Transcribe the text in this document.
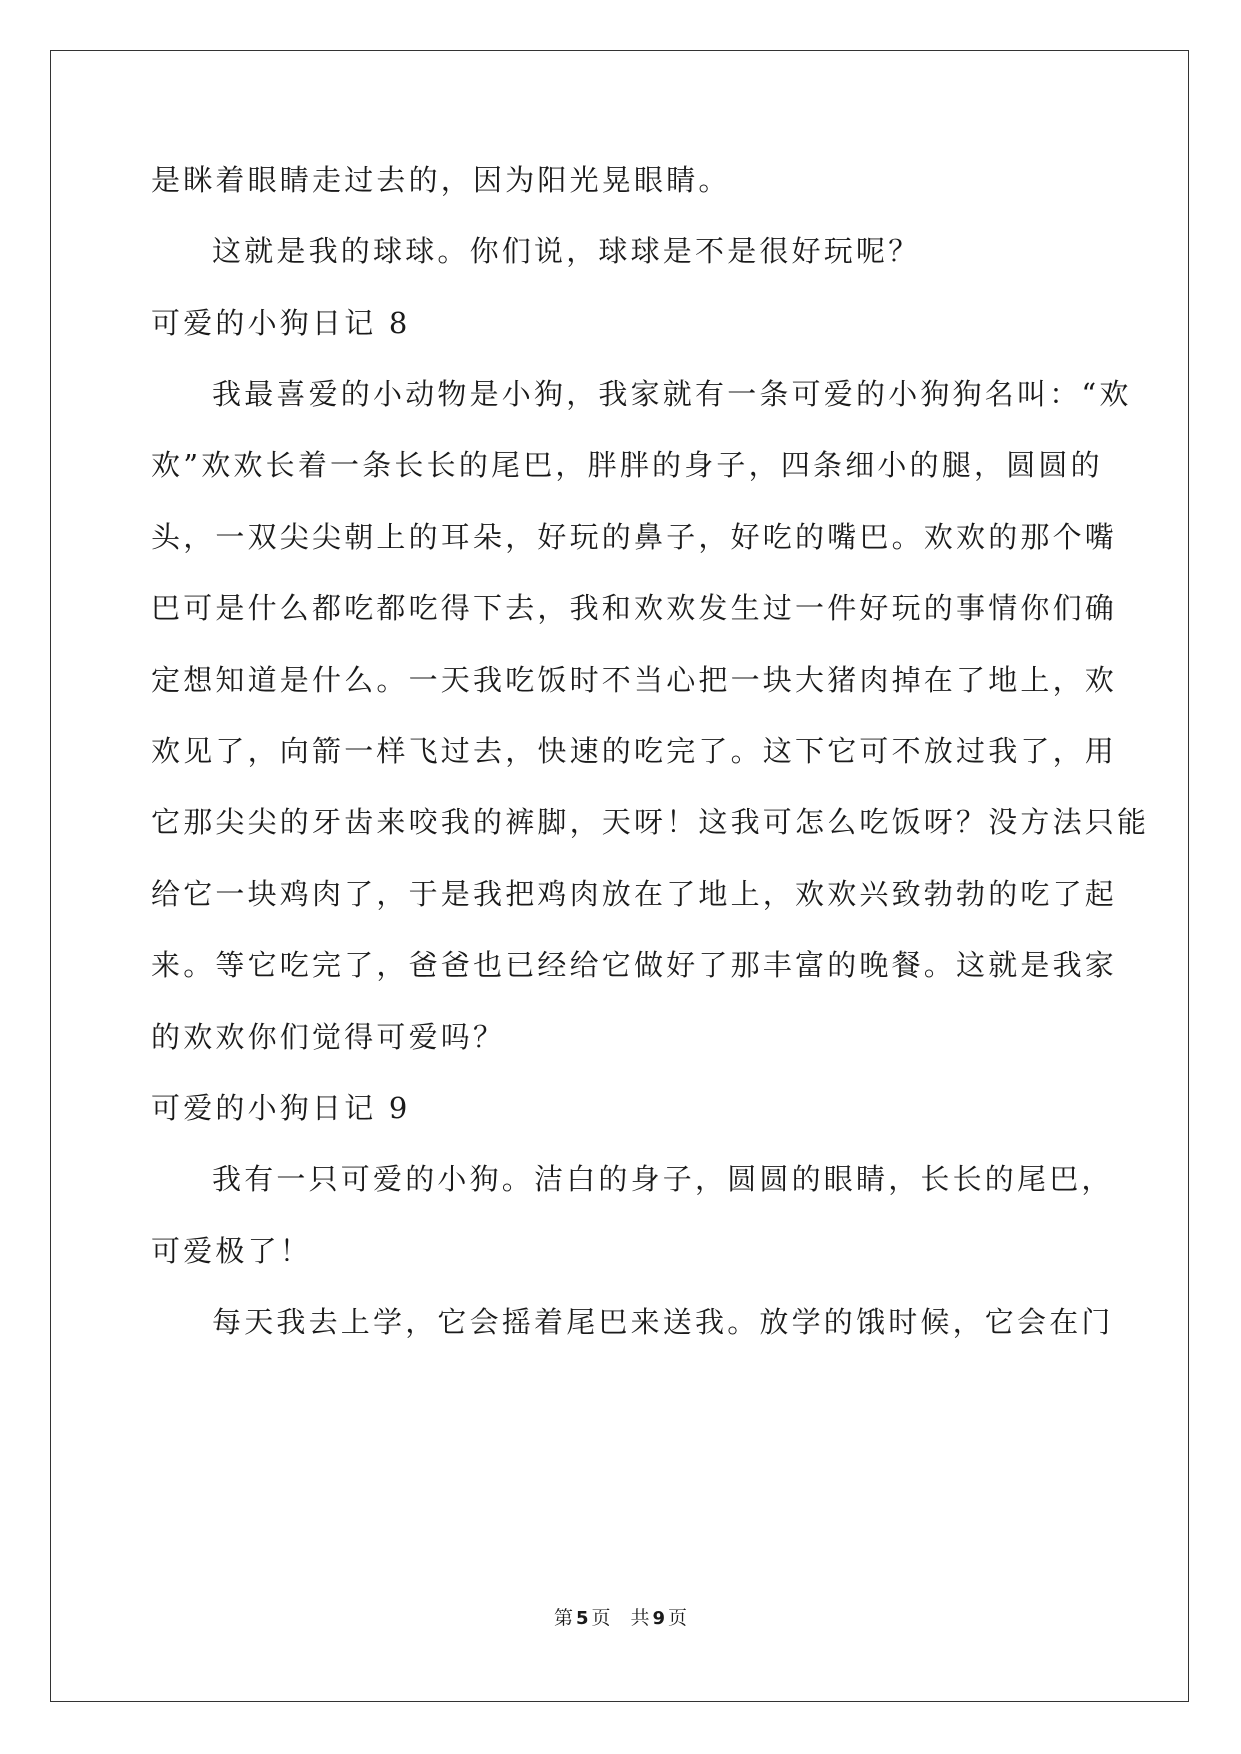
是眯着眼睛走过去的，因为阳光晃眼睛。
这就是我的球球。你们说，球球是不是很好玩呢？
可爱的小狗日记 8
我最喜爱的小动物是小狗，我家就有一条可爱的小狗狗名叫：“欢
欢”欢欢长着一条长长的尾巴，胖胖的身子，四条细小的腿，圆圆的
头，一双尖尖朝上的耳朵，好玩的鼻子，好吃的嘴巴。欢欢的那个嘴
巴可是什么都吃都吃得下去，我和欢欢发生过一件好玩的事情你们确
定想知道是什么。一天我吃饭时不当心把一块大猪肉掉在了地上，欢
欢见了，向箭一样飞过去，快速的吃完了。这下它可不放过我了，用
它那尖尖的牙齿来咬我的裤脚，天呀！这我可怎么吃饭呀？没方法只能
给它一块鸡肉了，于是我把鸡肉放在了地上，欢欢兴致勃勃的吃了起
来。等它吃完了，爸爸也已经给它做好了那丰富的晚餐。这就是我家
的欢欢你们觉得可爱吗？
可爱的小狗日记 9
我有一只可爱的小狗。洁白的身子，圆圆的眼睛，长长的尾巴，
可爱极了！
每天我去上学，它会摇着尾巴来送我。放学的饿时候，它会在门
第 5 页 共 9 页
